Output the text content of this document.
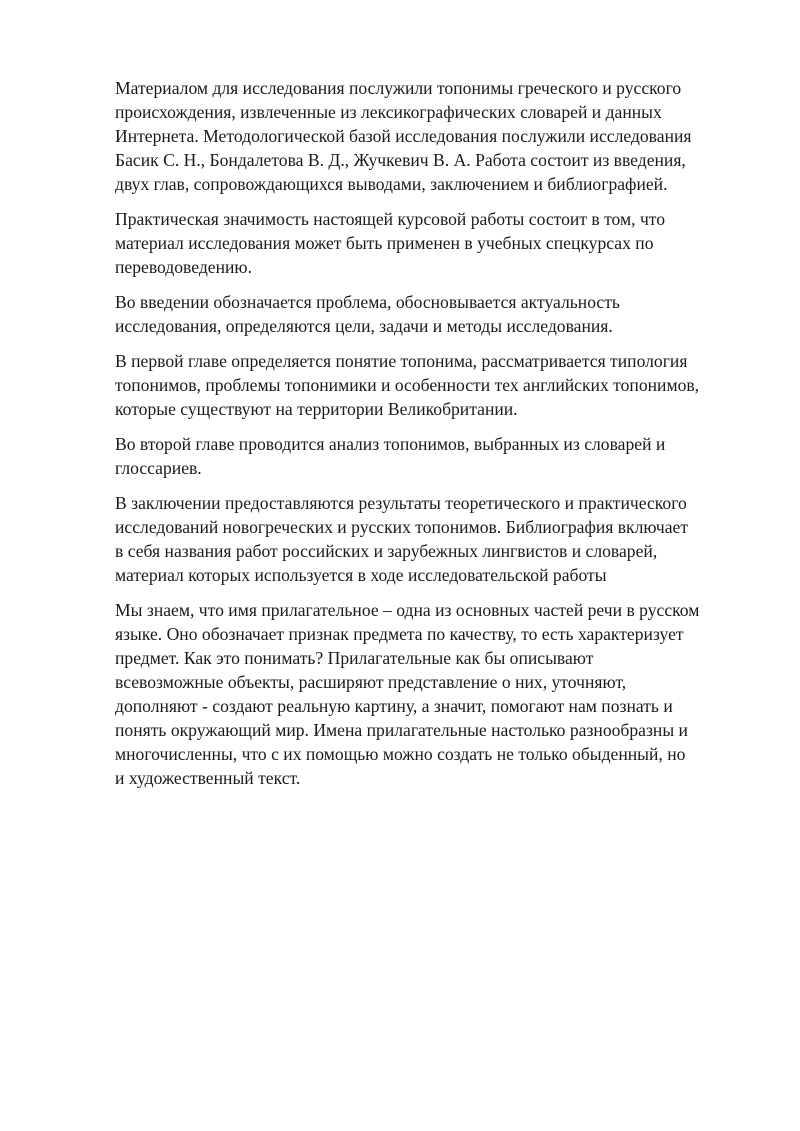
Материалом для исследования послужили топонимы греческого и русского
происхождения, извлеченные из лексикографических словарей и данных
Интернета. Методологической базой исследования послужили исследования
Басик С. Н., Бондалетова В. Д., Жучкевич В. А. Работа состоит из введения,
двух глав, сопровождающихся выводами, заключением и библиографией.

Практическая значимость настоящей курсовой работы состоит в том, что
материал исследования может быть применен в учебных спецкурсах по
переводоведению.

Во введении обозначается проблема, обосновывается актуальность
исследования, определяются цели, задачи и методы исследования.

В первой главе определяется понятие топонима, рассматривается типология
топонимов, проблемы топонимики и особенности тех английских топонимов,
которые существуют на территории Великобритании.

Во второй главе проводится анализ топонимов, выбранных из словарей и
глоссариев.

В заключении предоставляются результаты теоретического и практического
исследований новогреческих и русских топонимов. Библиография включает
в себя названия работ российских и зарубежных лингвистов и словарей,
материал которых используется в ходе исследовательской работы

Мы знаем, что имя прилагательное – одна из основных частей речи в русском
языке. Оно обозначает признак предмета по качеству, то есть характеризует
предмет. Как это понимать? Прилагательные как бы описывают
всевозможные объекты, расширяют представление о них, уточняют,
дополняют - создают реальную картину, а значит, помогают нам познать и
понять окружающий мир. Имена прилагательные настолько разнообразны и
многочисленны, что с их помощью можно создать не только обыденный, но
и художественный текст.
